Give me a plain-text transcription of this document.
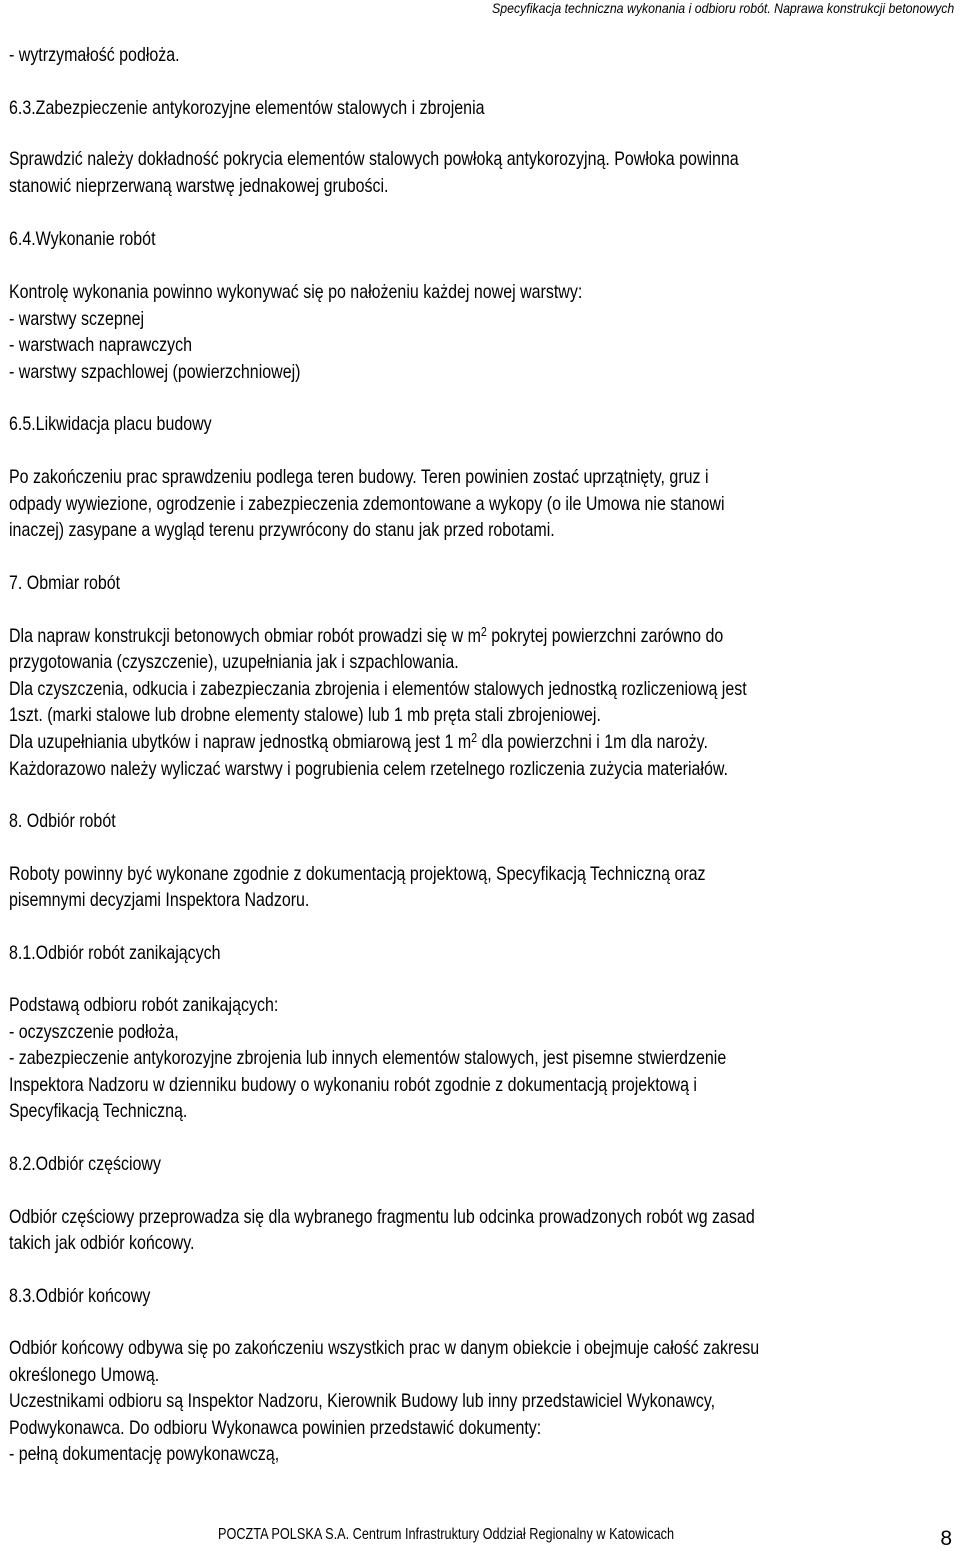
Specyfikacja techniczna wykonania i odbioru robót. Naprawa konstrukcji betonowych
- wytrzymałość podłoża.
6.3.Zabezpieczenie antykorozyjne elementów stalowych i zbrojenia
Sprawdzić należy dokładność pokrycia elementów stalowych powłoką antykorozyjną. Powłoka powinna
stanowić nieprzerwaną warstwę jednakowej grubości.
6.4.Wykonanie robót
Kontrolę wykonania powinno wykonywać się po nałożeniu każdej nowej warstwy:
- warstwy sczepnej
- warstwach naprawczych
- warstwy szpachlowej (powierzchniowej)
6.5.Likwidacja placu budowy
Po zakończeniu prac sprawdzeniu podlega teren budowy. Teren powinien zostać uprzątnięty, gruz i
odpady wywiezione, ogrodzenie i zabezpieczenia zdemontowane a wykopy (o ile Umowa nie stanowi
inaczej) zasypane a wygląd terenu przywrócony do stanu jak przed robotami.
7. Obmiar robót
Dla napraw konstrukcji betonowych obmiar robót prowadzi się w $m^2$ pokrytej powierzchni zarówno do
przygotowania (czyszczenie), uzupełniania jak i szpachlowania.
Dla czyszczenia, odkucia i zabezpieczania zbrojenia i elementów stalowych jednostką rozliczeniową jest
1szt. (marki stalowe lub drobne elementy stalowe) lub 1 mb pręta stali zbrojeniowej.
Dla uzupełniania ubytków i napraw jednostką obmiarową jest 1 $m^2$ dla powierzchni i 1m dla naroży.
Każdorazowo należy wyliczać warstwy i pogrubienia celem rzetelnego rozliczenia zużycia materiałów.
8. Odbiór robót
Roboty powinny być wykonane zgodnie z dokumentacją projektową, Specyfikacją Techniczną oraz
pisemnymi decyzjami Inspektora Nadzoru.
8.1.Odbiór robót zanikających
Podstawą odbioru robót zanikających:
- oczyszczenie podłoża,
- zabezpieczenie antykorozyjne zbrojenia lub innych elementów stalowych, jest pisemne stwierdzenie
Inspektora Nadzoru w dzienniku budowy o wykonaniu robót zgodnie z dokumentacją projektową i
Specyfikacją Techniczną.
8.2.Odbiór częściowy
Odbiór częściowy przeprowadza się dla wybranego fragmentu lub odcinka prowadzonych robót wg zasad
takich jak odbiór końcowy.
8.3.Odbiór końcowy
Odbiór końcowy odbywa się po zakończeniu wszystkich prac w danym obiekcie i obejmuje całość zakresu
określonego Umową.
Uczestnikami odbioru są Inspektor Nadzoru, Kierownik Budowy lub inny przedstawiciel Wykonawcy,
Podwykonawca. Do odbioru Wykonawca powinien przedstawić dokumenty:
- pełną dokumentację powykonawczą,
POCZTA POLSKA S.A. Centrum Infrastruktury Oddział Regionalny w Katowicach	8
